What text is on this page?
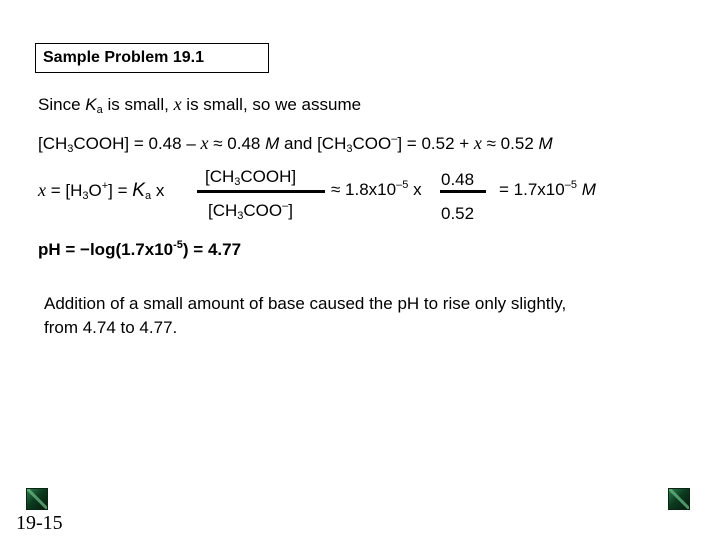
Sample Problem 19.1
Since $K_a$ is small, x is small, so we assume
$[CH_3COOH] = 0.48 - x \approx 0.48$ M and $[CH_3COO^-] = 0.52 + x \approx 0.52$ M
$x = [H_3O^+] = K_a$ x
$[CH_3COOH]$
$[CH_3COO^-]$
≈ $1.8x10^{-5}$ x
0.48
0.52
= $1.7x10^{-5}$ M
pH = $-\log(1.7x10^{-5}) = 4.77$
Addition of a small amount of base caused the pH to rise only slightly, from 4.74 to 4.77.
19-15
